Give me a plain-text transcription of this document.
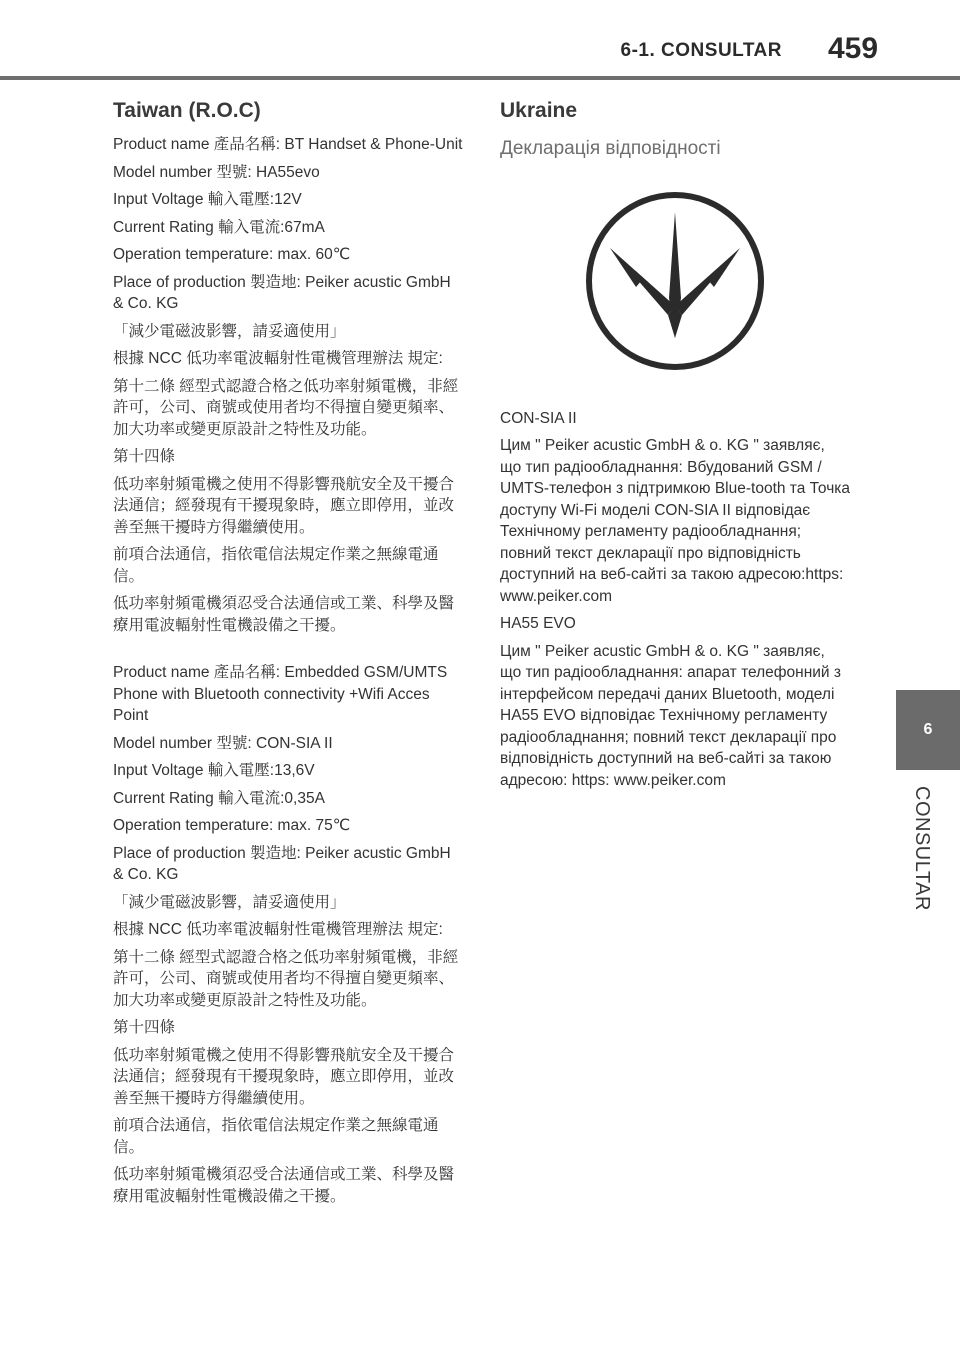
6-1. CONSULTAR 459
6
CONSULTAR
Taiwan (R.O.C)

Product name 產品名稱: BT Handset & Phone-Unit

Model number 型號: HA55evo

Input Voltage 輸入電壓:12V

Current Rating 輸入電流:67mA

Operation temperature: max. 60℃

Place of production 製造地: Peiker acustic GmbH & Co. KG

「減少電磁波影響，請妥適使用」

根據 NCC 低功率電波輻射性電機管理辦法 規定:

第十二條 經型式認證合格之低功率射頻電機，非經許可，公司、商號或使用者均不得擅自變更頻率、加大功率或變更原設計之特性及功能。

第十四條

低功率射頻電機之使用不得影響飛航安全及干擾合法通信；經發現有干擾現象時，應立即停用，並改善至無干擾時方得繼續使用。

前項合法通信，指依電信法規定作業之無線電通信。

低功率射頻電機須忍受合法通信或工業、科學及醫療用電波輻射性電機設備之干擾。

Product name 產品名稱: Embedded GSM/UMTS Phone with Bluetooth connectivity +Wifi Acces Point

Model number 型號: CON-SIA II

Input Voltage 輸入電壓:13,6V

Current Rating 輸入電流:0,35A

Operation temperature: max. 75℃

Place of production 製造地: Peiker acustic GmbH & Co. KG

「減少電磁波影響，請妥適使用」

根據 NCC 低功率電波輻射性電機管理辦法 規定:

第十二條 經型式認證合格之低功率射頻電機，非經許可，公司、商號或使用者均不得擅自變更頻率、加大功率或變更原設計之特性及功能。

第十四條

低功率射頻電機之使用不得影響飛航安全及干擾合法通信；經發現有干擾現象時，應立即停用，並改善至無干擾時方得繼續使用。

前項合法通信，指依電信法規定作業之無線電通信。

低功率射頻電機須忍受合法通信或工業、科學及醫療用電波輻射性電機設備之干擾。

Ukraine
Декларація відповідності

CON-SIA II

Цим " Peiker acustic GmbH & o. KG " заявляє, що тип радіообладнання: Вбудований GSM / UMTS-телефон з підтримкою Blue-tooth та Точка доступу Wi-Fi моделі CON-SIA II відповідає Технічному регламенту радіообладнання; повний текст декларації про відповідність доступний на веб-сайті за такою адресою:https: www.peiker.com

HA55 EVO

Цим " Peiker acustic GmbH & o. KG " заявляє, що тип радіообладнання: апарат телефонний з інтерфейсом передачі даних Bluetooth, моделі HA55 EVO відповідає Технічному регламенту радіообладнання; повний текст декларації про відповідність доступний на веб-сайті за такою адресою: https: www.peiker.com
